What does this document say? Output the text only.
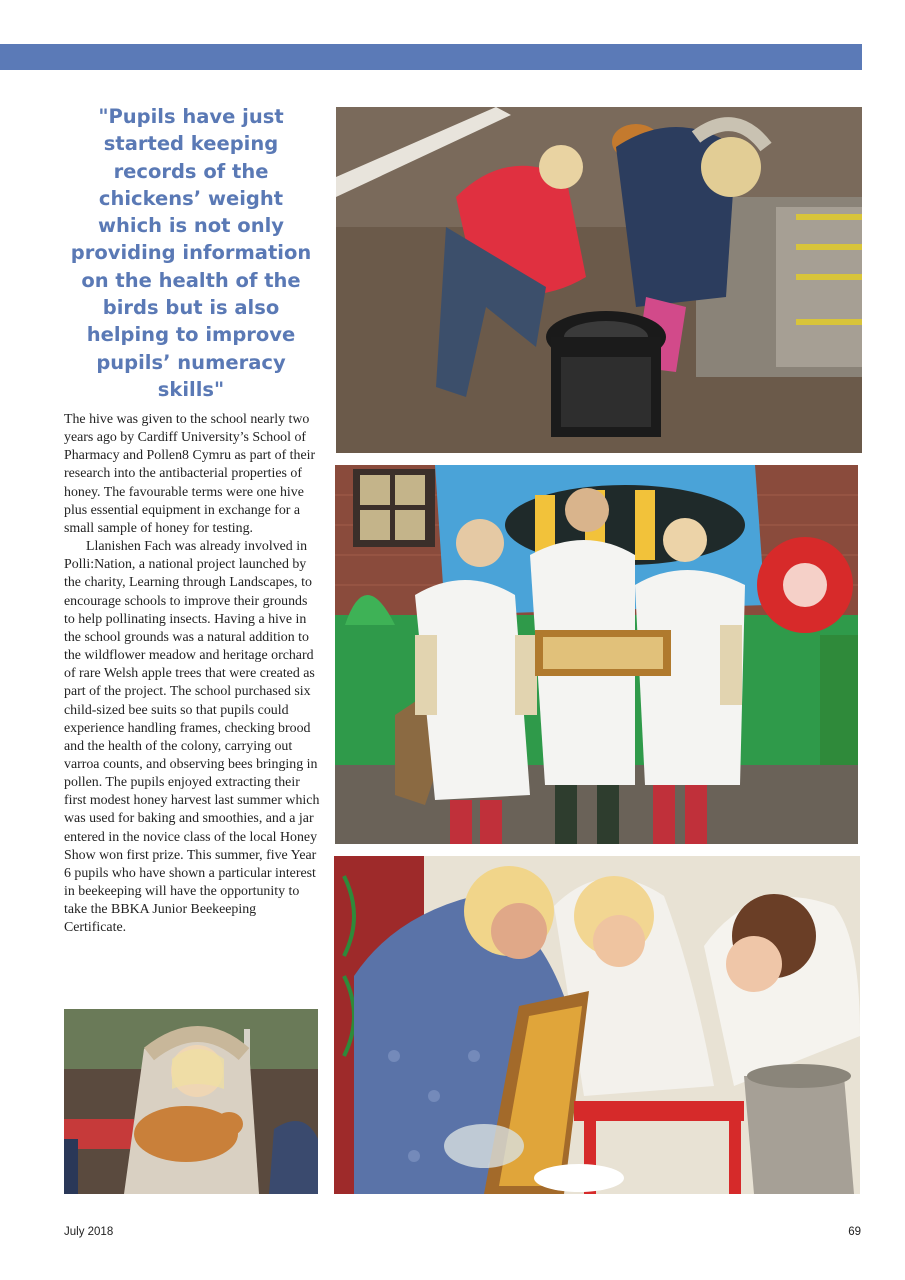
"Pupils have just started keeping records of the chickens’ weight which is not only providing information on the health of the birds but is also helping to improve pupils’ numeracy skills"

The hive was given to the school nearly two years ago by Cardiff University’s School of Pharmacy and Pollen8 Cymru as part of their research into the antibacterial properties of honey. The favourable terms were one hive plus essential equipment in exchange for a small sample of honey for testing.

Llanishen Fach was already involved in Polli:Nation, a national project launched by the charity, Learning through Landscapes, to encourage schools to improve their grounds to help pollinating insects. Having a hive in the school grounds was a natural addition to the wildflower meadow and heritage orchard of rare Welsh apple trees that were created as part of the project. The school purchased six child-sized bee suits so that pupils could experience handling frames, checking brood and the health of the colony, carrying out varroa counts, and observing bees bringing in pollen. The pupils enjoyed extracting their first modest honey harvest last summer which was used for baking and smoothies, and a jar entered in the novice class of the local Honey Show won first prize. This summer, five Year 6 pupils who have shown a particular interest in beekeeping will have the opportunity to take the BBKA Junior Beekeeping Certificate.

July 2018	69
